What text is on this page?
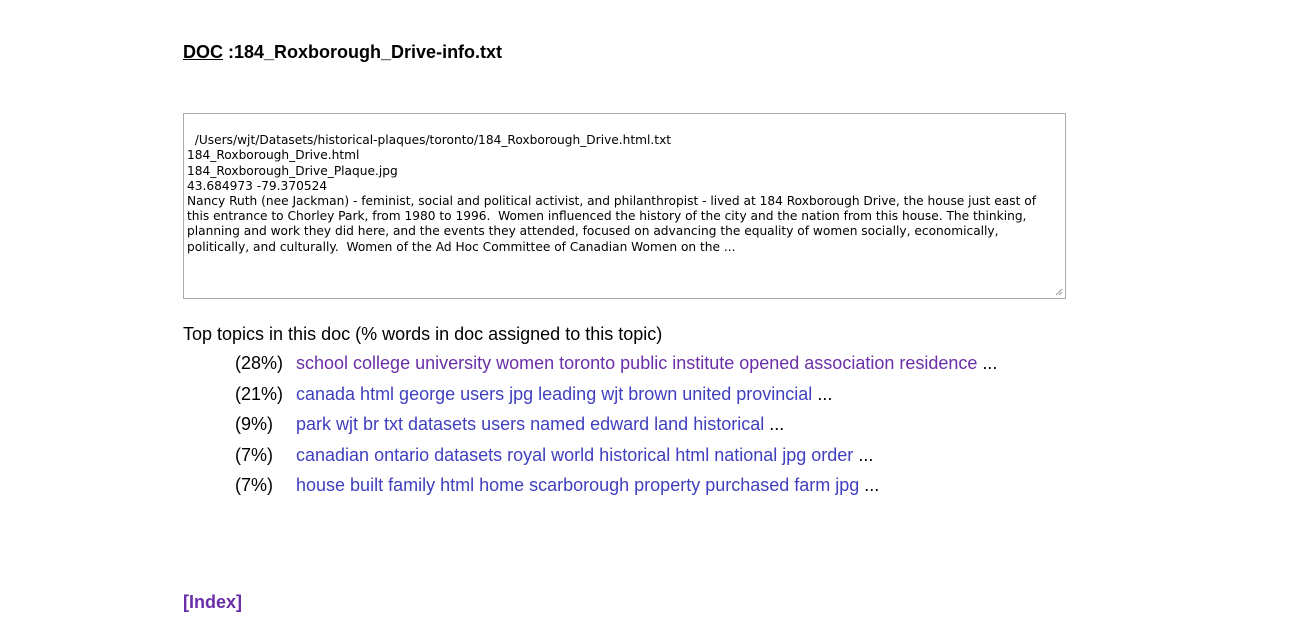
DOC :184_Roxborough_Drive-info.txt

/Users/wjt/Datasets/historical-plaques/toronto/184_Roxborough_Drive.html.txt
184_Roxborough_Drive.html
184_Roxborough_Drive_Plaque.jpg
43.684973 -79.370524
Nancy Ruth (nee Jackman) - feminist, social and political activist, and philanthropist - lived at 184 Roxborough Drive, the house just east of this entrance to Chorley Park, from 1980 to 1996.  Women influenced the history of the city and the nation from this house. The thinking, planning and work they did here, and the events they attended, focused on advancing the equality of women socially, economically, politically, and culturally.  Women of the Ad Hoc Committee of Canadian Women on the ...

Top topics in this doc (% words in doc assigned to this topic)
(28%) school college university women toronto public institute opened association residence ...
(21%) canada html george users jpg leading wjt brown united provincial ...
(9%) park wjt br txt datasets users named edward land historical ...
(7%) canadian ontario datasets royal world historical html national jpg order ...
(7%) house built family html home scarborough property purchased farm jpg ...
[Index]
